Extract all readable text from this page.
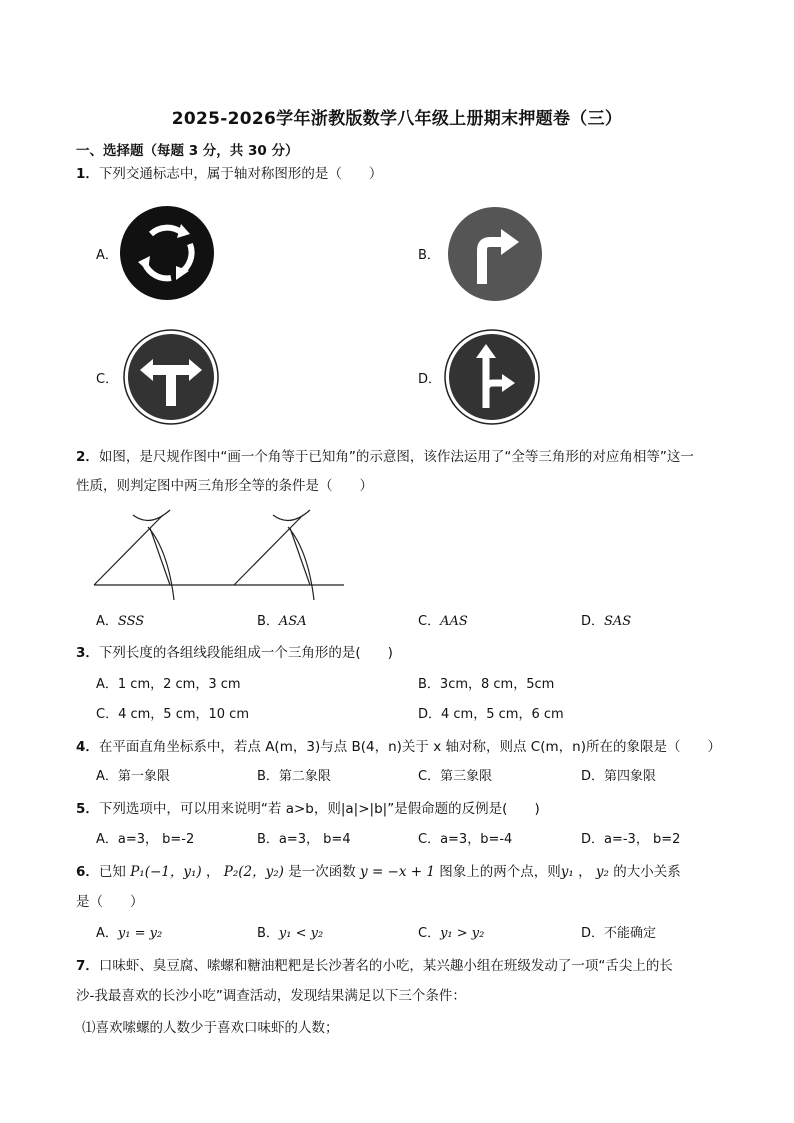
2025-2026学年浙教版数学八年级上册期末押题卷（三）
一、选择题（每题 3 分，共 30 分）
1．下列交通标志中，属于轴对称图形的是（　　）
A．	B．
C．	D．
2．如图，是尺规作图中“画一个角等于已知角”的示意图，该作法运用了“全等三角形的对应角相等”这一
性质，则判定图中两三角形全等的条件是（　　）
A．SSS	B．ASA	C．AAS	D．SAS
3．下列长度的各组线段能组成一个三角形的是(　　)
A．1 cm，2 cm，3 cm	B．3cm，8 cm，5cm
C．4 cm，5 cm，10 cm	D．4 cm，5 cm，6 cm
4．在平面直角坐标系中，若点 A(m，3)与点 B(4，n)关于 x 轴对称，则点 C(m，n)所在的象限是（　　）
A．第一象限	B．第二象限	C．第三象限	D．第四象限
5．下列选项中，可以用来说明“若 a>b，则|a|>|b|”是假命题的反例是(　　)
A．a=3， b=-2	B．a=3， b=4	C．a=3，b=-4	D．a=-3， b=2
6．已知 P₁(−1，y₁) ， P₂(2，y₂) 是一次函数 y = −x + 1 图象上的两个点，则y₁ ， y₂ 的大小关系
是（　　）
A．y₁ = y₂	B．y₁ < y₂	C．y₁ > y₂	D．不能确定
7．口味虾、臭豆腐、嗦螺和糖油粑粑是长沙著名的小吃，某兴趣小组在班级发动了一项“舌尖上的长
沙-我最喜欢的长沙小吃”调查活动，发现结果满足以下三个条件：
⑴喜欢嗦螺的人数少于喜欢口味虾的人数；
